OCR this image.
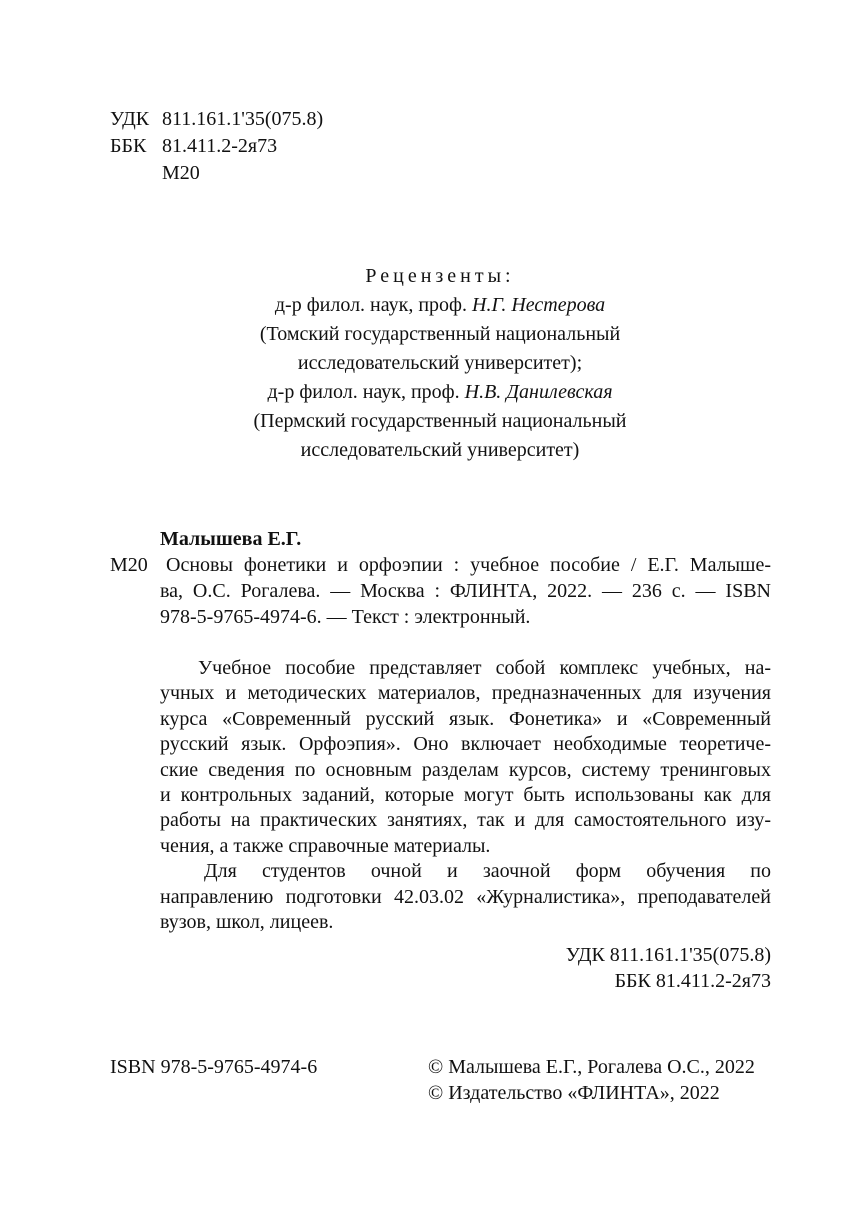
УДК 811.161.1'35(075.8)
ББК 81.411.2-2я73
М20
Рецензенты:
д-р филол. наук, проф. Н.Г. Нестерова
(Томский государственный национальный
исследовательский университет);
д-р филол. наук, проф. Н.В. Данилевская
(Пермский государственный национальный
исследовательский университет)
Малышева Е.Г.
М20 Основы фонетики и орфоэпии : учебное пособие / Е.Г. Малыше-
ва, О.С. Рогалева. — Москва : ФЛИНТА, 2022. — 236 с. — ISBN
978-5-9765-4974-6. — Текст : электронный.
Учебное пособие представляет собой комплекс учебных, на-
учных и методических материалов, предназначенных для изучения
курса «Современный русский язык. Фонетика» и «Современный
русский язык. Орфоэпия». Оно включает необходимые теоретиче-
ские сведения по основным разделам курсов, систему тренинговых
и контрольных заданий, которые могут быть использованы как для
работы на практических занятиях, так и для самостоятельного изу-
чения, а также справочные материалы.
Для студентов очной и заочной форм обучения по
направлению подготовки 42.03.02 «Журналистика», преподавателей
вузов, школ, лицеев.
УДК 811.161.1'35(075.8)
ББК 81.411.2-2я73
ISBN 978-5-9765-4974-6	© Малышева Е.Г., Рогалева О.С., 2022
© Издательство «ФЛИНТА», 2022
